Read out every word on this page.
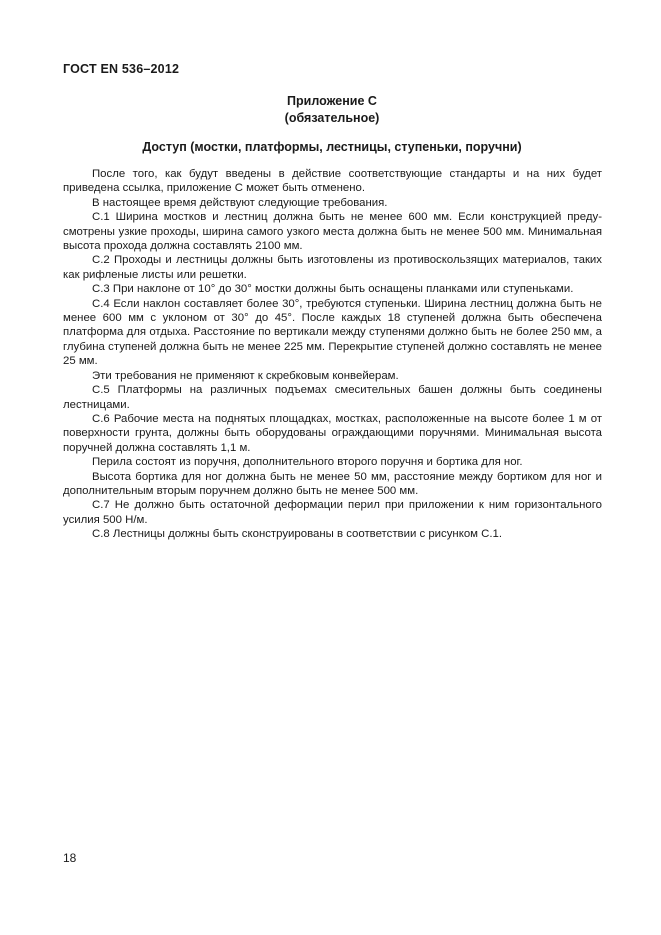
ГОСТ EN 536–2012
Приложение С
(обязательное)
Доступ (мостки, платформы, лестницы, ступеньки, поручни)

После того, как будут введены в действие соответствующие стандарты и на них будет приведена ссылка, приложение С может быть отменено.

В настоящее время действуют следующие требования.

С.1 Ширина мостков и лестниц должна быть не менее 600 мм. Если конструкцией предусмотрены узкие проходы, ширина самого узкого места должна быть не менее 500 мм. Минимальная высота прохода должна составлять 2100 мм.

С.2 Проходы и лестницы должны быть изготовлены из противоскользящих материалов, таких как рифленые листы или решетки.

С.3 При наклоне от 10° до 30° мостки должны быть оснащены планками или ступеньками.

С.4 Если наклон составляет более 30°, требуются ступеньки. Ширина лестниц должна быть не менее 600 мм с уклоном от 30° до 45°. После каждых 18 ступеней должна быть обеспечена платформа для отдыха. Расстояние по вертикали между ступенями должно быть не более 250 мм, а глубина ступеней должна быть не менее 225 мм. Перекрытие ступеней должно составлять не менее 25 мм.

Эти требования не применяют к скребковым конвейерам.

С.5 Платформы на различных подъемах смесительных башен должны быть соединены лестницами.

С.6 Рабочие места на поднятых площадках, мостках, расположенные на высоте более 1 м от поверхности грунта, должны быть оборудованы ограждающими поручнями. Минимальная высота поручней должна составлять 1,1 м.

Перила состоят из поручня, дополнительного второго поручня и бортика для ног.

Высота бортика для ног должна быть не менее 50 мм, расстояние между бортиком для ног и дополнительным вторым поручнем должно быть не менее 500 мм.

С.7 Не должно быть остаточной деформации перил при приложении к ним горизонтального усилия 500 Н/м.

С.8 Лестницы должны быть сконструированы в соответствии с рисунком С.1.

18
